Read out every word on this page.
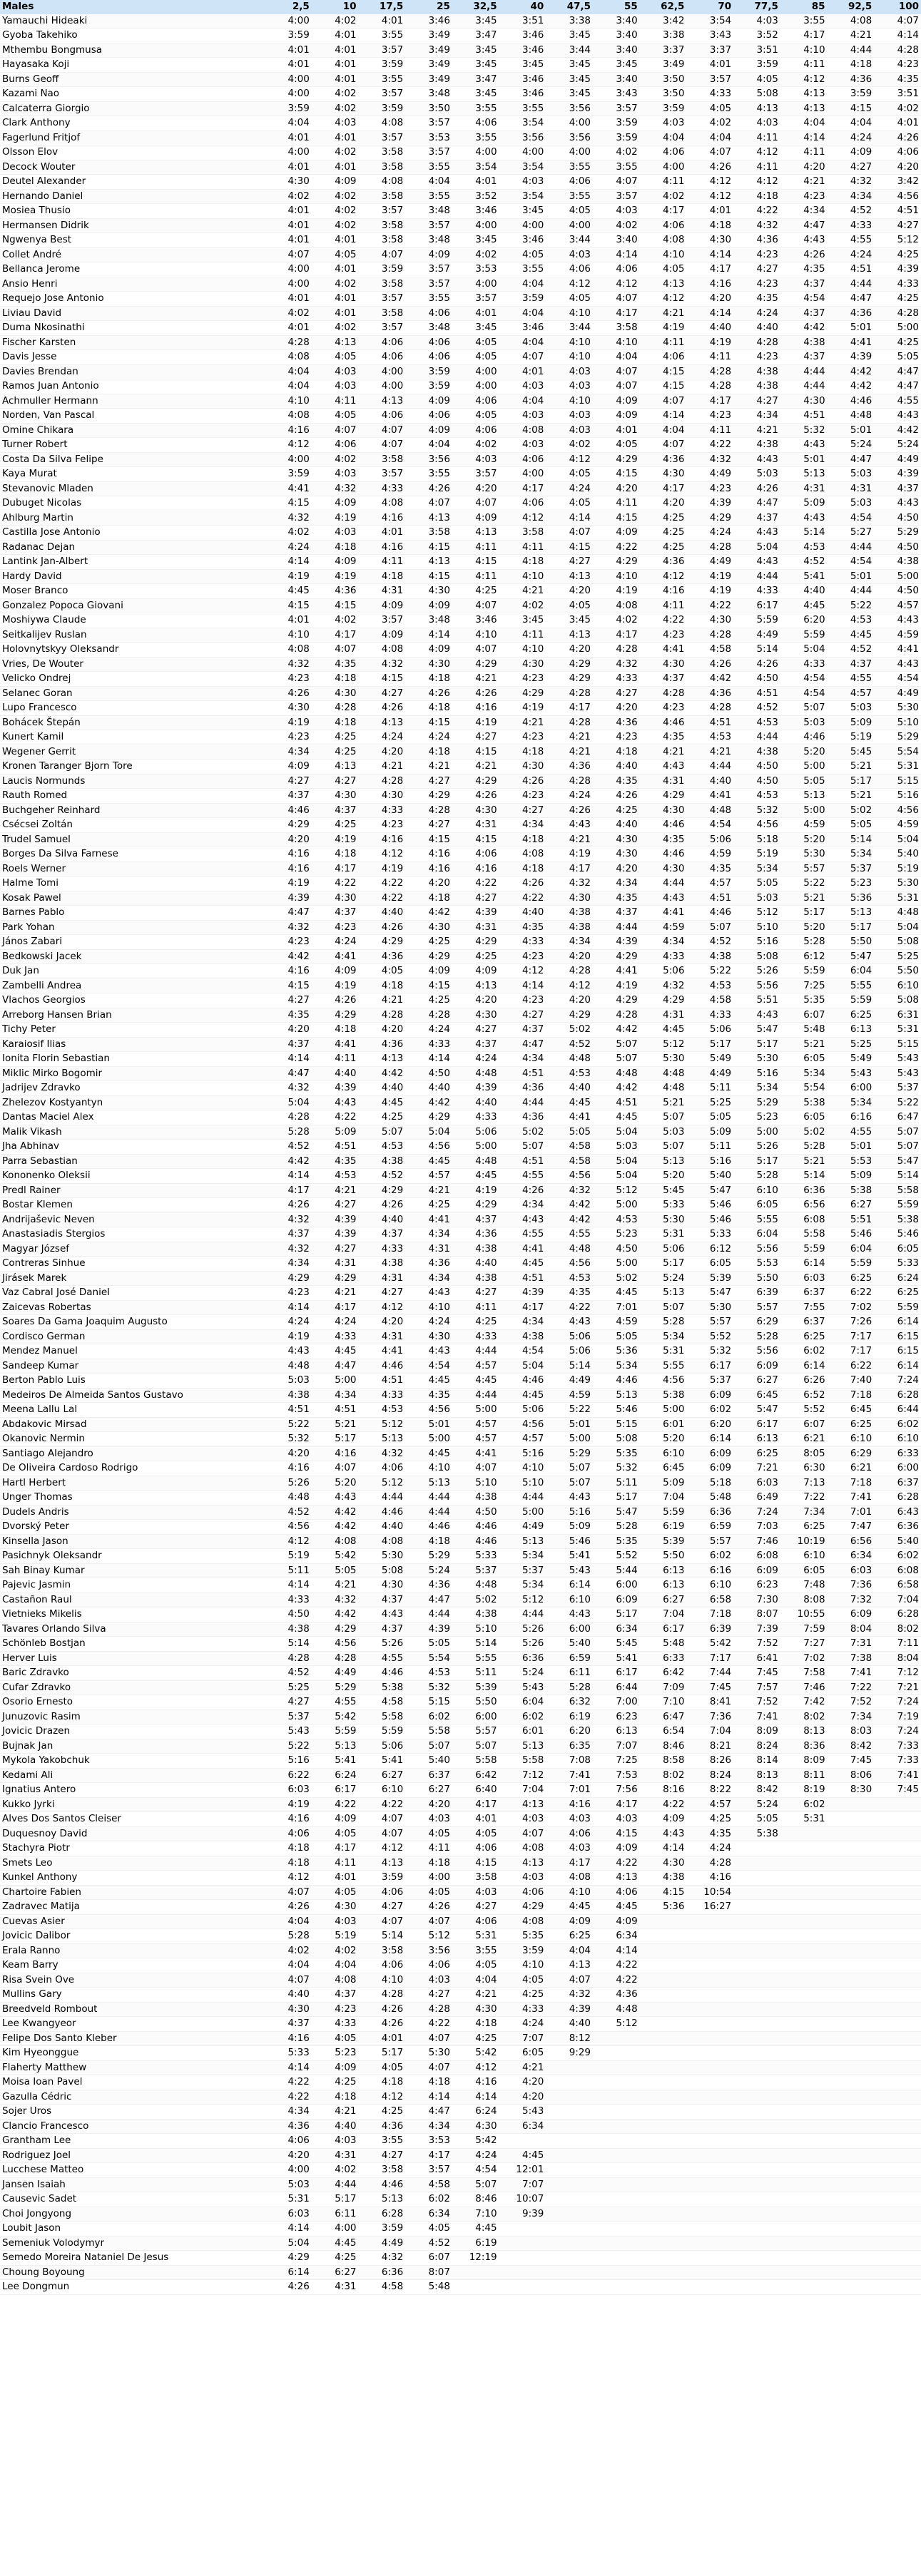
Males	2,5	10	17,5	25	32,5	40	47,5	55	62,5	70	77,5	85	92,5	100
Yamauchi Hideaki	4:00	4:02	4:01	3:46	3:45	3:51	3:38	3:40	3:42	3:54	4:03	3:55	4:08	4:07
Gyoba Takehiko	3:59	4:01	3:55	3:49	3:47	3:46	3:45	3:40	3:38	3:43	3:52	4:17	4:21	4:14
Mthembu Bongmusa	4:01	4:01	3:57	3:49	3:45	3:46	3:44	3:40	3:37	3:37	3:51	4:10	4:44	4:28
Hayasaka Koji	4:01	4:01	3:59	3:49	3:45	3:45	3:45	3:45	3:49	4:01	3:59	4:11	4:18	4:23
Burns Geoff	4:00	4:01	3:55	3:49	3:47	3:46	3:45	3:40	3:50	3:57	4:05	4:12	4:36	4:35
Kazami Nao	4:00	4:02	3:57	3:48	3:45	3:46	3:45	3:43	3:50	4:33	5:08	4:13	3:59	3:51
Calcaterra Giorgio	3:59	4:02	3:59	3:50	3:55	3:55	3:56	3:57	3:59	4:05	4:13	4:13	4:15	4:02
Clark Anthony	4:04	4:03	4:08	3:57	4:06	3:54	4:00	3:59	4:03	4:02	4:03	4:04	4:04	4:01
Fagerlund Fritjof	4:01	4:01	3:57	3:53	3:55	3:56	3:56	3:59	4:04	4:04	4:11	4:14	4:24	4:26
Olsson Elov	4:00	4:02	3:58	3:57	4:00	4:00	4:00	4:02	4:06	4:07	4:12	4:11	4:09	4:06
Decock Wouter	4:01	4:01	3:58	3:55	3:54	3:54	3:55	3:55	4:00	4:26	4:11	4:20	4:27	4:20
Deutel Alexander	4:30	4:09	4:08	4:04	4:01	4:03	4:06	4:07	4:11	4:12	4:12	4:21	4:32	3:42
Hernando Daniel	4:02	4:02	3:58	3:55	3:52	3:54	3:55	3:57	4:02	4:12	4:18	4:23	4:34	4:56
Mosiea Thusio	4:01	4:02	3:57	3:48	3:46	3:45	4:05	4:03	4:17	4:01	4:22	4:34	4:52	4:51
Hermansen Didrik	4:01	4:02	3:58	3:57	4:00	4:00	4:00	4:02	4:06	4:18	4:32	4:47	4:33	4:27
Ngwenya Best	4:01	4:01	3:58	3:48	3:45	3:46	3:44	3:40	4:08	4:30	4:36	4:43	4:55	5:12
Collet André	4:07	4:05	4:07	4:09	4:02	4:05	4:03	4:14	4:10	4:14	4:23	4:26	4:24	4:25
Bellanca Jerome	4:00	4:01	3:59	3:57	3:53	3:55	4:06	4:06	4:05	4:17	4:27	4:35	4:51	4:39
Ansio Henri	4:00	4:02	3:58	3:57	4:00	4:04	4:12	4:12	4:13	4:16	4:23	4:37	4:44	4:33
Requejo Jose Antonio	4:01	4:01	3:57	3:55	3:57	3:59	4:05	4:07	4:12	4:20	4:35	4:54	4:47	4:25
Liviau David	4:02	4:01	3:58	4:06	4:01	4:04	4:10	4:17	4:21	4:14	4:24	4:37	4:36	4:28
Duma Nkosinathi	4:01	4:02	3:57	3:48	3:45	3:46	3:44	3:58	4:19	4:40	4:40	4:42	5:01	5:00
Fischer Karsten	4:28	4:13	4:06	4:06	4:05	4:04	4:10	4:10	4:11	4:19	4:28	4:38	4:41	4:25
Davis Jesse	4:08	4:05	4:06	4:06	4:05	4:07	4:10	4:04	4:06	4:11	4:23	4:37	4:39	5:05
Davies Brendan	4:04	4:03	4:00	3:59	4:00	4:01	4:03	4:07	4:15	4:28	4:38	4:44	4:42	4:47
Ramos Juan Antonio	4:04	4:03	4:00	3:59	4:00	4:03	4:03	4:07	4:15	4:28	4:38	4:44	4:42	4:47
Achmuller Hermann	4:10	4:11	4:13	4:09	4:06	4:04	4:10	4:09	4:07	4:17	4:27	4:30	4:46	4:55
Norden, Van Pascal	4:08	4:05	4:06	4:06	4:05	4:03	4:03	4:09	4:14	4:23	4:34	4:51	4:48	4:43
Omine Chikara	4:16	4:07	4:07	4:09	4:06	4:08	4:03	4:01	4:04	4:11	4:21	5:32	5:01	4:42
Turner Robert	4:12	4:06	4:07	4:04	4:02	4:03	4:02	4:05	4:07	4:22	4:38	4:43	5:24	5:24
Costa Da Silva Felipe	4:00	4:02	3:58	3:56	4:03	4:06	4:12	4:29	4:36	4:32	4:43	5:01	4:47	4:49
Kaya Murat	3:59	4:03	3:57	3:55	3:57	4:00	4:05	4:15	4:30	4:49	5:03	5:13	5:03	4:39
Stevanovic Mladen	4:41	4:32	4:33	4:26	4:20	4:17	4:24	4:20	4:17	4:23	4:26	4:31	4:31	4:37
Dubuget Nicolas	4:15	4:09	4:08	4:07	4:07	4:06	4:05	4:11	4:20	4:39	4:47	5:09	5:03	4:43
Ahlburg Martin	4:32	4:19	4:16	4:13	4:09	4:12	4:14	4:15	4:25	4:29	4:37	4:43	4:54	4:50
Castilla Jose Antonio	4:02	4:03	4:01	3:58	4:13	3:58	4:07	4:09	4:25	4:24	4:43	5:14	5:27	5:29
Radanac Dejan	4:24	4:18	4:16	4:15	4:11	4:11	4:15	4:22	4:25	4:28	5:04	4:53	4:44	4:50
Lantink Jan-Albert	4:14	4:09	4:11	4:13	4:15	4:18	4:27	4:29	4:36	4:49	4:43	4:52	4:54	4:38
Hardy David	4:19	4:19	4:18	4:15	4:11	4:10	4:13	4:10	4:12	4:19	4:44	5:41	5:01	5:00
Moser Branco	4:45	4:36	4:31	4:30	4:25	4:21	4:20	4:19	4:16	4:19	4:33	4:40	4:44	4:50
Gonzalez Popoca Giovani	4:15	4:15	4:09	4:09	4:07	4:02	4:05	4:08	4:11	4:22	6:17	4:45	5:22	4:57
Moshiywa Claude	4:01	4:02	3:57	3:48	3:46	3:45	3:45	4:02	4:22	4:30	5:59	6:20	4:53	4:43
Seitkalijev Ruslan	4:10	4:17	4:09	4:14	4:10	4:11	4:13	4:17	4:23	4:28	4:49	5:59	4:45	4:59
Holovnytskyy Oleksandr	4:08	4:07	4:08	4:09	4:07	4:10	4:20	4:28	4:41	4:58	5:14	5:04	4:52	4:41
Vries, De Wouter	4:32	4:35	4:32	4:30	4:29	4:30	4:29	4:32	4:30	4:26	4:26	4:33	4:37	4:43
Velicko Ondrej	4:23	4:18	4:15	4:18	4:21	4:23	4:29	4:33	4:37	4:42	4:50	4:54	4:55	4:54
Selanec Goran	4:26	4:30	4:27	4:26	4:26	4:29	4:28	4:27	4:28	4:36	4:51	4:54	4:57	4:49
Lupo Francesco	4:30	4:28	4:26	4:18	4:16	4:19	4:17	4:20	4:23	4:28	4:52	5:07	5:03	5:30
Bohácek Štepán	4:19	4:18	4:13	4:15	4:19	4:21	4:28	4:36	4:46	4:51	4:53	5:03	5:09	5:10
Kunert Kamil	4:23	4:25	4:24	4:24	4:27	4:23	4:21	4:23	4:35	4:53	4:44	4:46	5:19	5:29
Wegener Gerrit	4:34	4:25	4:20	4:18	4:15	4:18	4:21	4:18	4:21	4:21	4:38	5:20	5:45	5:54
Kronen Taranger Bjorn Tore	4:09	4:13	4:21	4:21	4:21	4:30	4:36	4:40	4:43	4:44	4:50	5:00	5:21	5:31
Laucis Normunds	4:27	4:27	4:28	4:27	4:29	4:26	4:28	4:35	4:31	4:40	4:50	5:05	5:17	5:15
Rauth Romed	4:37	4:30	4:30	4:29	4:26	4:23	4:24	4:26	4:29	4:41	4:53	5:13	5:21	5:16
Buchgeher Reinhard	4:46	4:37	4:33	4:28	4:30	4:27	4:26	4:25	4:30	4:48	5:32	5:00	5:02	4:56
Csécsei Zoltán	4:29	4:25	4:23	4:27	4:31	4:34	4:43	4:40	4:46	4:54	4:56	4:59	5:05	4:59
Trudel Samuel	4:20	4:19	4:16	4:15	4:15	4:18	4:21	4:30	4:35	5:06	5:18	5:20	5:14	5:04
Borges Da Silva Farnese	4:16	4:18	4:12	4:16	4:06	4:08	4:19	4:30	4:46	4:59	5:19	5:30	5:34	5:40
Roels Werner	4:16	4:17	4:19	4:16	4:16	4:18	4:17	4:20	4:30	4:35	5:34	5:57	5:37	5:19
Halme Tomi	4:19	4:22	4:22	4:20	4:22	4:26	4:32	4:34	4:44	4:57	5:05	5:22	5:23	5:30
Kosak Pawel	4:39	4:30	4:22	4:18	4:27	4:22	4:30	4:35	4:43	4:51	5:03	5:21	5:36	5:31
Barnes Pablo	4:47	4:37	4:40	4:42	4:39	4:40	4:38	4:37	4:41	4:46	5:12	5:17	5:13	4:48
Park Yohan	4:32	4:23	4:26	4:30	4:31	4:35	4:38	4:44	4:59	5:07	5:10	5:20	5:17	5:04
János Zabari	4:23	4:24	4:29	4:25	4:29	4:33	4:34	4:39	4:34	4:52	5:16	5:28	5:50	5:08
Bedkowski Jacek	4:42	4:41	4:36	4:29	4:25	4:23	4:20	4:29	4:33	4:38	5:08	6:12	5:47	5:25
Duk Jan	4:16	4:09	4:05	4:09	4:09	4:12	4:28	4:41	5:06	5:22	5:26	5:59	6:04	5:50
Zambelli Andrea	4:15	4:19	4:18	4:15	4:13	4:14	4:12	4:19	4:32	4:53	5:56	7:25	5:55	6:10
Vlachos Georgios	4:27	4:26	4:21	4:25	4:20	4:23	4:20	4:29	4:29	4:58	5:51	5:35	5:59	5:08
Arreborg Hansen Brian	4:35	4:29	4:28	4:28	4:30	4:27	4:29	4:28	4:31	4:33	4:43	6:07	6:25	6:31
Tichy Peter	4:20	4:18	4:20	4:24	4:27	4:37	5:02	4:42	4:45	5:06	5:47	5:48	6:13	5:31
Karaiosif Ilias	4:37	4:41	4:36	4:33	4:37	4:47	4:52	5:07	5:12	5:17	5:17	5:21	5:25	5:15
Ionita Florin Sebastian	4:14	4:11	4:13	4:14	4:24	4:34	4:48	5:07	5:30	5:49	5:30	6:05	5:49	5:43
Miklic Mirko Bogomir	4:47	4:40	4:42	4:50	4:48	4:51	4:53	4:48	4:48	4:49	5:16	5:34	5:43	5:43
Jadrijev Zdravko	4:32	4:39	4:40	4:40	4:39	4:36	4:40	4:42	4:48	5:11	5:34	5:54	6:00	5:37
Zhelezov Kostyantyn	5:04	4:43	4:45	4:42	4:40	4:44	4:45	4:51	5:21	5:25	5:29	5:38	5:34	5:22
Dantas Maciel Alex	4:28	4:22	4:25	4:29	4:33	4:36	4:41	4:45	5:07	5:05	5:23	6:05	6:16	6:47
Malik Vikash	5:28	5:09	5:07	5:04	5:06	5:02	5:05	5:04	5:03	5:09	5:00	5:02	4:55	5:07
Jha Abhinav	4:52	4:51	4:53	4:56	5:00	5:07	4:58	5:03	5:07	5:11	5:26	5:28	5:01	5:07
Parra Sebastian	4:42	4:35	4:38	4:45	4:48	4:51	4:58	5:04	5:13	5:16	5:17	5:21	5:53	5:47
Kononenko Oleksii	4:14	4:53	4:52	4:57	4:45	4:55	4:56	5:04	5:20	5:40	5:28	5:14	5:09	5:14
Predl Rainer	4:17	4:21	4:29	4:21	4:19	4:26	4:32	5:12	5:45	5:47	6:10	6:36	5:38	5:58
Bostar Klemen	4:26	4:27	4:26	4:25	4:29	4:34	4:42	5:00	5:33	5:46	6:05	6:56	6:27	5:59
Andrijaševic Neven	4:32	4:39	4:40	4:41	4:37	4:43	4:42	4:53	5:30	5:46	5:55	6:08	5:51	5:38
Anastasiadis Stergios	4:37	4:39	4:37	4:34	4:36	4:55	4:55	5:23	5:31	5:33	6:04	5:58	5:46	5:46
Magyar József	4:32	4:27	4:33	4:31	4:38	4:41	4:48	4:50	5:06	6:12	5:56	5:59	6:04	6:05
Contreras Sinhue	4:34	4:31	4:38	4:36	4:40	4:45	4:56	5:00	5:17	6:05	5:53	6:14	5:59	5:33
Jirásek Marek	4:29	4:29	4:31	4:34	4:38	4:51	4:53	5:02	5:24	5:39	5:50	6:03	6:25	6:24
Vaz Cabral José Daniel	4:23	4:21	4:27	4:43	4:27	4:39	4:35	4:45	5:13	5:47	6:39	6:37	6:22	6:25
Zaicevas Robertas	4:14	4:17	4:12	4:10	4:11	4:17	4:22	7:01	5:07	5:30	5:57	7:55	7:02	5:59
Soares Da Gama Joaquim Augusto	4:24	4:24	4:20	4:24	4:25	4:34	4:43	4:59	5:28	5:57	6:29	6:37	7:26	6:14
Cordisco German	4:19	4:33	4:31	4:30	4:33	4:38	5:06	5:05	5:34	5:52	5:28	6:25	7:17	6:15
Mendez Manuel	4:43	4:45	4:41	4:43	4:44	4:54	5:06	5:36	5:31	5:32	5:56	6:02	7:17	6:15
Sandeep Kumar	4:48	4:47	4:46	4:54	4:57	5:04	5:14	5:34	5:55	6:17	6:09	6:14	6:22	6:14
Berton Pablo Luis	5:03	5:00	4:51	4:45	4:45	4:46	4:49	4:46	4:56	5:37	6:27	6:26	7:40	7:24
Medeiros De Almeida Santos Gustavo	4:38	4:34	4:33	4:35	4:44	4:45	4:59	5:13	5:38	6:09	6:45	6:52	7:18	6:28
Meena Lallu Lal	4:51	4:51	4:53	4:56	5:00	5:06	5:22	5:46	5:00	6:02	5:47	5:52	6:45	6:44
Abdakovic Mirsad	5:22	5:21	5:12	5:01	4:57	4:56	5:01	5:15	6:01	6:20	6:17	6:07	6:25	6:02
Okanovic Nermin	5:32	5:17	5:13	5:00	4:57	4:57	5:00	5:08	5:20	6:14	6:13	6:21	6:10	6:10
Santiago Alejandro	4:20	4:16	4:32	4:45	4:41	5:16	5:29	5:35	6:10	6:09	6:25	8:05	6:29	6:33
De Oliveira Cardoso Rodrigo	4:16	4:07	4:06	4:10	4:07	4:10	5:07	5:32	6:45	6:09	7:21	6:30	6:21	6:00
Hartl Herbert	5:26	5:20	5:12	5:13	5:10	5:10	5:07	5:11	5:09	5:18	6:03	7:13	7:18	6:37
Unger Thomas	4:48	4:43	4:44	4:44	4:38	4:44	4:43	5:17	7:04	5:48	6:49	7:22	7:41	6:28
Dudels Andris	4:52	4:42	4:46	4:44	4:50	5:00	5:16	5:47	5:59	6:36	7:24	7:34	7:01	6:43
Dvorský Peter	4:56	4:42	4:40	4:46	4:46	4:49	5:09	5:28	6:19	6:59	7:03	6:25	7:47	6:36
Kinsella Jason	4:12	4:08	4:08	4:18	4:46	5:13	5:46	5:35	5:39	5:57	7:46	10:19	6:56	5:40
Pasichnyk Oleksandr	5:19	5:42	5:30	5:29	5:33	5:34	5:41	5:52	5:50	6:02	6:08	6:10	6:34	6:02
Sah Binay Kumar	5:11	5:05	5:08	5:24	5:37	5:37	5:43	5:44	6:13	6:16	6:09	6:05	6:03	6:08
Pajevic Jasmin	4:14	4:21	4:30	4:36	4:48	5:34	6:14	6:00	6:13	6:10	6:23	7:48	7:36	6:58
Castañon Raul	4:33	4:32	4:37	4:47	5:02	5:12	6:10	6:09	6:27	6:58	7:30	8:08	7:32	7:04
Vietnieks Mikelis	4:50	4:42	4:43	4:44	4:38	4:44	4:43	5:17	7:04	7:18	8:07	10:55	6:09	6:28
Tavares Orlando Silva	4:38	4:29	4:37	4:39	5:10	5:26	6:00	6:34	6:17	6:39	7:39	7:59	8:04	8:02
Schönleb Bostjan	5:14	4:56	5:26	5:05	5:14	5:26	5:40	5:45	5:48	5:42	7:52	7:27	7:31	7:11
Herver Luis	4:28	4:28	4:55	5:54	5:55	6:36	6:59	5:41	6:33	7:17	6:41	7:02	7:38	8:04
Baric Zdravko	4:52	4:49	4:46	4:53	5:11	5:24	6:11	6:17	6:42	7:44	7:45	7:58	7:41	7:12
Cufar Zdravko	5:25	5:29	5:38	5:32	5:39	5:43	5:28	6:44	7:09	7:45	7:57	7:46	7:22	7:21
Osorio Ernesto	4:27	4:55	4:58	5:15	5:50	6:04	6:32	7:00	7:10	8:41	7:52	7:42	7:52	7:24
Junuzovic Rasim	5:37	5:42	5:58	6:02	6:00	6:02	6:19	6:23	6:47	7:36	7:41	8:02	7:34	7:19
Jovicic Drazen	5:43	5:59	5:59	5:58	5:57	6:01	6:20	6:13	6:54	7:04	8:09	8:13	8:03	7:24
Bujnak Jan	5:22	5:13	5:06	5:07	5:07	5:13	6:35	7:07	8:46	8:21	8:24	8:36	8:42	7:33
Mykola Yakobchuk	5:16	5:41	5:41	5:40	5:58	5:58	7:08	7:25	8:58	8:26	8:14	8:09	7:45	7:33
Kedami Ali	6:22	6:24	6:27	6:37	6:42	7:12	7:41	7:53	8:02	8:24	8:13	8:11	8:06	7:41
Ignatius Antero	6:03	6:17	6:10	6:27	6:40	7:04	7:01	7:56	8:16	8:22	8:42	8:19	8:30	7:45
Kukko Jyrki	4:19	4:22	4:22	4:20	4:17	4:13	4:16	4:17	4:22	4:57	5:24	6:02		
Alves Dos Santos Cleiser	4:16	4:09	4:07	4:03	4:01	4:03	4:03	4:03	4:09	4:25	5:05	5:31		
Duquesnoy David	4:06	4:05	4:07	4:05	4:05	4:07	4:06	4:15	4:43	4:35	5:38			
Stachyra Piotr	4:18	4:17	4:12	4:11	4:06	4:08	4:03	4:09	4:14	4:24				
Smets Leo	4:18	4:11	4:13	4:18	4:15	4:13	4:17	4:22	4:30	4:28				
Kunkel Anthony	4:12	4:01	3:59	4:00	3:58	4:03	4:08	4:13	4:38	4:16				
Chartoire Fabien	4:07	4:05	4:06	4:05	4:03	4:06	4:10	4:06	4:15	10:54				
Zadravec Matija	4:26	4:30	4:27	4:26	4:27	4:29	4:45	4:45	5:36	16:27				
Cuevas Asier	4:04	4:03	4:07	4:07	4:06	4:08	4:09	4:09						
Jovicic Dalibor	5:28	5:19	5:14	5:12	5:31	5:35	6:25	6:34						
Erala Ranno	4:02	4:02	3:58	3:56	3:55	3:59	4:04	4:14						
Keam Barry	4:04	4:04	4:06	4:06	4:05	4:10	4:13	4:22						
Risa Svein Ove	4:07	4:08	4:10	4:03	4:04	4:05	4:07	4:22						
Mullins Gary	4:40	4:37	4:28	4:27	4:21	4:25	4:32	4:36						
Breedveld Rombout	4:30	4:23	4:26	4:28	4:30	4:33	4:39	4:48						
Lee Kwangyeor	4:37	4:33	4:26	4:22	4:18	4:24	4:40	5:12						
Felipe Dos Santo Kleber	4:16	4:05	4:01	4:07	4:25	7:07	8:12							
Kim Hyeonggue	5:33	5:23	5:17	5:30	5:42	6:05	9:29							
Flaherty Matthew	4:14	4:09	4:05	4:07	4:12	4:21								
Moisa Ioan Pavel	4:22	4:25	4:18	4:18	4:16	4:20								
Gazulla Cédric	4:22	4:18	4:12	4:14	4:14	4:20								
Sojer Uros	4:34	4:21	4:25	4:47	6:24	5:43								
Clancio Francesco	4:36	4:40	4:36	4:34	4:30	6:34								
Grantham Lee	4:06	4:03	3:55	3:53	5:42									
Rodriguez Joel	4:20	4:31	4:27	4:17	4:24	4:45								
Lucchese Matteo	4:00	4:02	3:58	3:57	4:54	12:01								
Jansen Isaiah	5:03	4:44	4:46	4:58	5:07	7:07								
Causevic Sadet	5:31	5:17	5:13	6:02	8:46	10:07								
Choi Jongyong	6:03	6:11	6:28	6:34	7:10	9:39								
Loubit Jason	4:14	4:00	3:59	4:05	4:45									
Semeniuk Volodymyr	5:04	4:45	4:49	4:52	6:19									
Semedo Moreira Nataniel De Jesus	4:29	4:25	4:32	6:07	12:19									
Choung Boyoung	6:14	6:27	6:36	8:07										
Lee Dongmun	4:26	4:31	4:58	5:48										
